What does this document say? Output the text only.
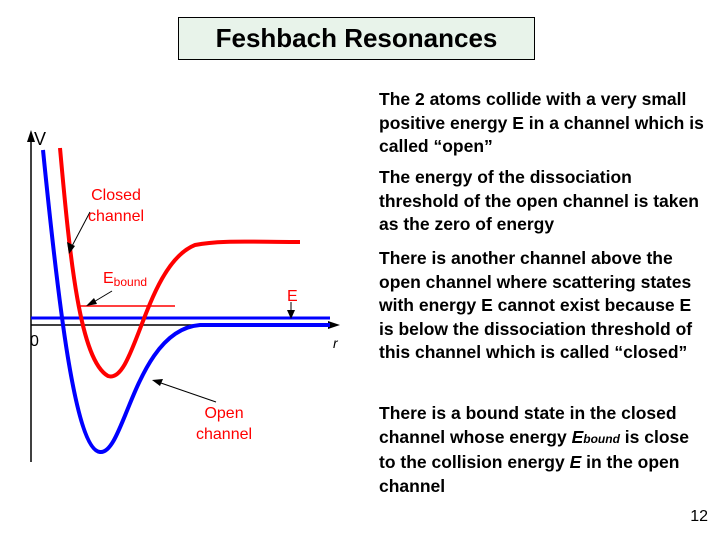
Feshbach Resonances
V
r
0
Closed
channel
Ebound
E
Open
channel
The 2 atoms collide with a very small positive energy E in a channel which is called “open”
The energy of the dissociation threshold of the open channel is taken as the zero of energy
There is another channel above the open channel where scattering states with energy E cannot exist because E is below the dissociation threshold of this channel which is called “closed”
There is a bound state in the closed channel whose energy Ebound is close to the collision energy E in the open channel
12
